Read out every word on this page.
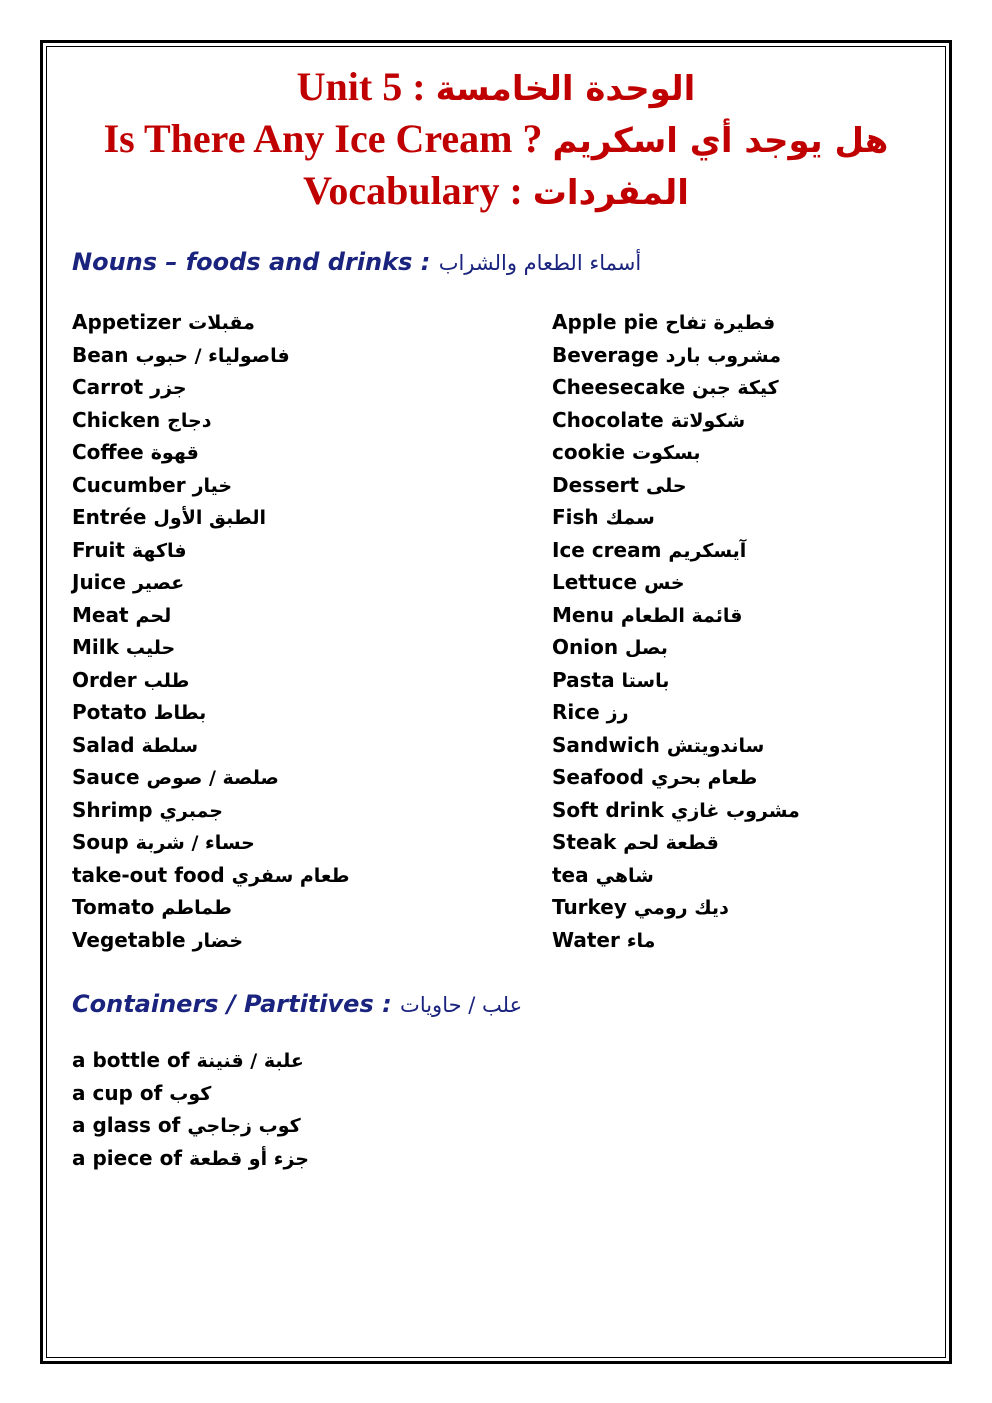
Unit 5 : الوحدة الخامسة
Is There Any Ice Cream ? هل يوجد أي اسكريم
Vocabulary : المفردات
Nouns – foods and drinks : أسماء الطعام والشراب
Appetizer مقبلات
Bean فاصولياء / حبوب
Carrot جزر
Chicken دجاج
Coffee قهوة
Cucumber خيار
Entrée الطبق الأول
Fruit فاكهة
Juice عصير
Meat لحم
Milk حليب
Order طلب
Potato بطاط
Salad سلطة
Sauce صلصة / صوص
Shrimp جمبري
Soup حساء / شربة
take-out food طعام سفري
Tomato طماطم
Vegetable خضار
Apple pie فطيرة تفاح
Beverage مشروب بارد
Cheesecake كيكة جبن
Chocolate شكولاتة
cookie بسكوت
Dessert حلى
Fish سمك
Ice cream آيسكريم
Lettuce خس
Menu قائمة الطعام
Onion بصل
Pasta باستا
Rice رز
Sandwich ساندويتش
Seafood طعام بحري
Soft drink مشروب غازي
Steak قطعة لحم
tea شاهي
Turkey ديك رومي
Water ماء
Containers / Partitives : علب / حاويات
a bottle of علبة / قنينة
a cup of كوب
a glass of كوب زجاجي
a piece of جزء أو قطعة
